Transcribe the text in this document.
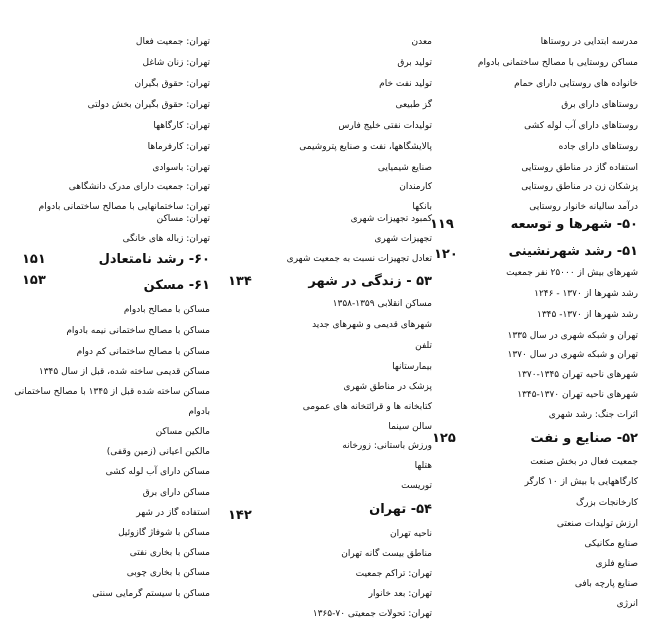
مدرسه ابتدایی در روستاها
مساکن روستایی با مصالح ساختمانی بادوام
خانواده های روستایی دارای حمام
روستاهای دارای برق
روستاهای دارای آب لوله کشی
روستاهای دارای جاده
استفاده گاز در مناطق روستایی
پزشکان زن در مناطق روستایی
درآمد سالیانه خانوار روستایی
۵۰- شهرها و توسعه
۵۱- رشد شهرنشینی
شهرهای بیش از ۲۵۰۰۰ نفر جمعیت
رشد شهرها از ۱۳۷۰ - ۱۲۴۶
رشد شهرها از ۱۳۷۰- ۱۳۴۵
تهران و شبکه شهری در سال ۱۳۳۵
تهران و شبکه شهری در سال ۱۳۷۰
شهرهای ناحیه تهران ۱۳۴۵-۱۳۷۰
شهرهای ناحیه تهران ۱۳۷۰-۱۳۴۵
اثرات جنگ: رشد شهری
۵۲- صنایع و نفت
جمعیت فعال در بخش صنعت
کارگاههایی با بیش از ۱۰ کارگر
کارخانجات بزرگ
ارزش تولیدات صنعتی
صنایع مکانیکی
صنایع فلزی
صنایع پارچه بافی
انرژی
۱۱۹
۱۲۰
۱۲۵
معدن
تولید برق
تولید نفت خام
گز طبیعی
تولیدات نفتی خلیج فارس
پالایشگاهها، نفت و صنایع پتروشیمی
صنایع شیمیایی
کارمندان
بانکها
کمبود تجهیزات شهری
تجهیزات شهری
تعادل تجهیزات نسبت به جمعیت شهری
۵۳ - زندگی در شهر
مساکن انقلابی ۱۳۵۹-۱۳۵۸
شهرهای قدیمی و شهرهای جدید
تلفن
بیمارستانها
پزشک در مناطق شهری
کتابخانه ها و قرائتخانه های عمومی
سالن سینما
ورزش باستانی: زورخانه
هتلها
توریست
۵۴- تهران
ناحیه تهران
مناطق بیست گانه تهران
تهران: تراکم جمعیت
تهران: بعد خانوار
تهران: تحولات جمعیتی ۷۰-۱۳۶۵
۱۳۴
۱۴۲
تهران: جمعیت فعال
تهران: زنان شاغل
تهران: حقوق بگیران
تهران: حقوق بگیران بخش دولتی
تهران: کارگاهها
تهران: کارفرماها
تهران: باسوادی
تهران: جمعیت دارای مدرک دانشگاهی
تهران: ساختمانهایی با مصالح ساختمانی بادوام
تهران: مساکن
تهران: زباله های خانگی
۶۰- رشد نامتعادل
۶۱- مسکن
مساکن با مصالح بادوام
مساکن با مصالح ساختمانی نیمه بادوام
مساکن با مصالح ساختمانی کم دوام
مساکن قدیمی ساخته شده، قبل از سال ۱۳۴۵
مساکن ساخته شده قبل از ۱۳۴۵ با مصالح ساختمانی
بادوام
مالکین مساکن
مالکین اعیانی (زمین وقفی)
مساکن دارای آب لوله کشی
مساکن دارای برق
استفاده گاز در شهر
مساکن با شوفاژ گازوئیل
مساکن با بخاری نفتی
مساکن با بخاری چوبی
مساکن با سیستم گرمایی سنتی
۱۵۱
۱۵۳
